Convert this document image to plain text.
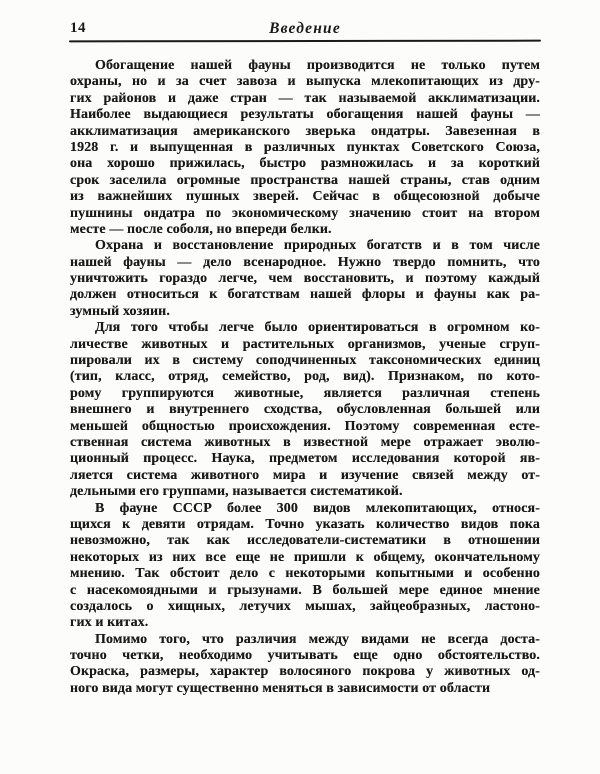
14	Введение
Обогащение нашей фауны производится не только путем
охраны, но и за счет завоза и выпуска млекопитающих из дру-
гих районов и даже стран — так называемой акклиматизации.
Наиболее выдающиеся результаты обогащения нашей фауны —
акклиматизация американского зверька ондатры. Завезенная в
1928 г. и выпущенная в различных пунктах Советского Союза,
она хорошо прижилась, быстро размножилась и за короткий
срок заселила огромные пространства нашей страны, став одним
из важнейших пушных зверей. Сейчас в общесоюзной добыче
пушнины ондатра по экономическому значению стоит на втором
месте — после соболя, но впереди белки.
Охрана и восстановление природных богатств и в том числе
нашей фауны — дело всенародное. Нужно твердо помнить, что
уничтожить гораздо легче, чем восстановить, и поэтому каждый
должен относиться к богатствам нашей флоры и фауны как ра-
зумный хозяин.
Для того чтобы легче было ориентироваться в огромном ко-
личестве животных и растительных организмов, ученые сгруп-
пировали их в систему соподчиненных таксономических единиц
(тип, класс, отряд, семейство, род, вид). Признаком, по кото-
рому группируются животные, является различная степень
внешнего и внутреннего сходства, обусловленная большей или
меньшей общностью происхождения. Поэтому современная есте-
ственная система животных в известной мере отражает эволю-
ционный процесс. Наука, предметом исследования которой яв-
ляется система животного мира и изучение связей между от-
дельными его группами, называется систематикой.
В фауне СССР более 300 видов млекопитающих, относя-
щихся к девяти отрядам. Точно указать количество видов пока
невозможно, так как исследователи-систематики в отношении
некоторых из них все еще не пришли к общему, окончательному
мнению. Так обстоит дело с некоторыми копытными и особенно
с насекомоядными и грызунами. В большей мере единое мнение
создалось о хищных, летучих мышах, зайцеобразных, ластоно-
гих и китах.
Помимо того, что различия между видами не всегда доста-
точно четки, необходимо учитывать еще одно обстоятельство.
Окраска, размеры, характер волосяного покрова у животных од-
ного вида могут существенно меняться в зависимости от области
